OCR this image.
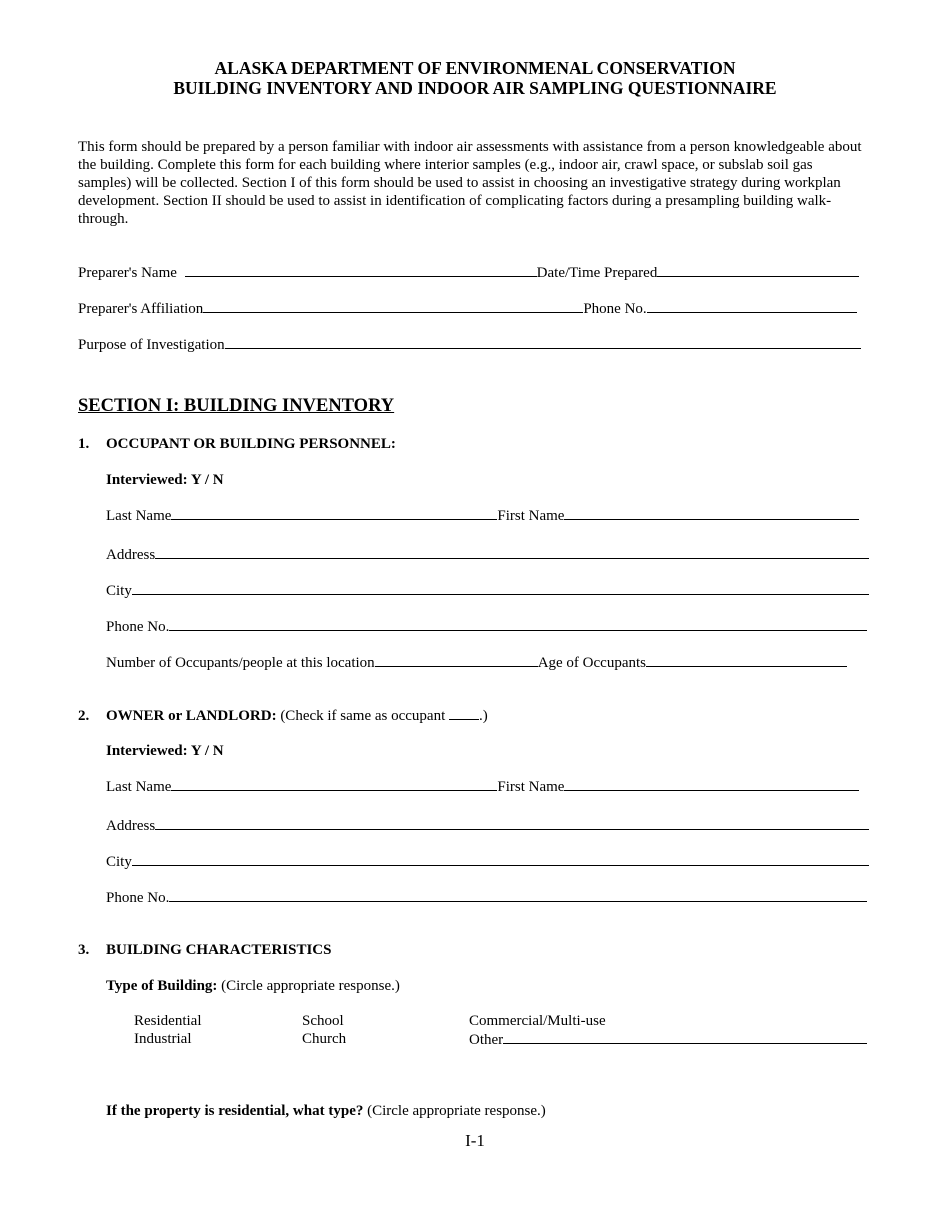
ALASKA DEPARTMENT OF ENVIRONMENAL CONSERVATION
BUILDING INVENTORY AND INDOOR AIR SAMPLING QUESTIONNAIRE
This form should be prepared by a person familiar with indoor air assessments with assistance from a person knowledgeable about the building. Complete this form for each building where interior samples (e.g., indoor air, crawl space, or subslab soil gas samples) will be collected. Section I of this form should be used to assist in choosing an investigative strategy during workplan development. Section II should be used to assist in identification of complicating factors during a presampling building walk-through.
Preparer's Name	Date/Time Prepared
Preparer's Affiliation	Phone No.
Purpose of Investigation
SECTION I: BUILDING INVENTORY
1. OCCUPANT OR BUILDING PERSONNEL:
Interviewed: Y / N
Last Name	First Name
Address
City
Phone No.
Number of Occupants/people at this location	Age of Occupants
2. OWNER or LANDLORD: (Check if same as occupant .)
Interviewed: Y / N
Last Name	First Name
Address
City
Phone No.
3. BUILDING CHARACTERISTICS
Type of Building: (Circle appropriate response.)
Residential	School	Commercial/Multi-use
Industrial	Church	Other
If the property is residential, what type? (Circle appropriate response.)
I-1
